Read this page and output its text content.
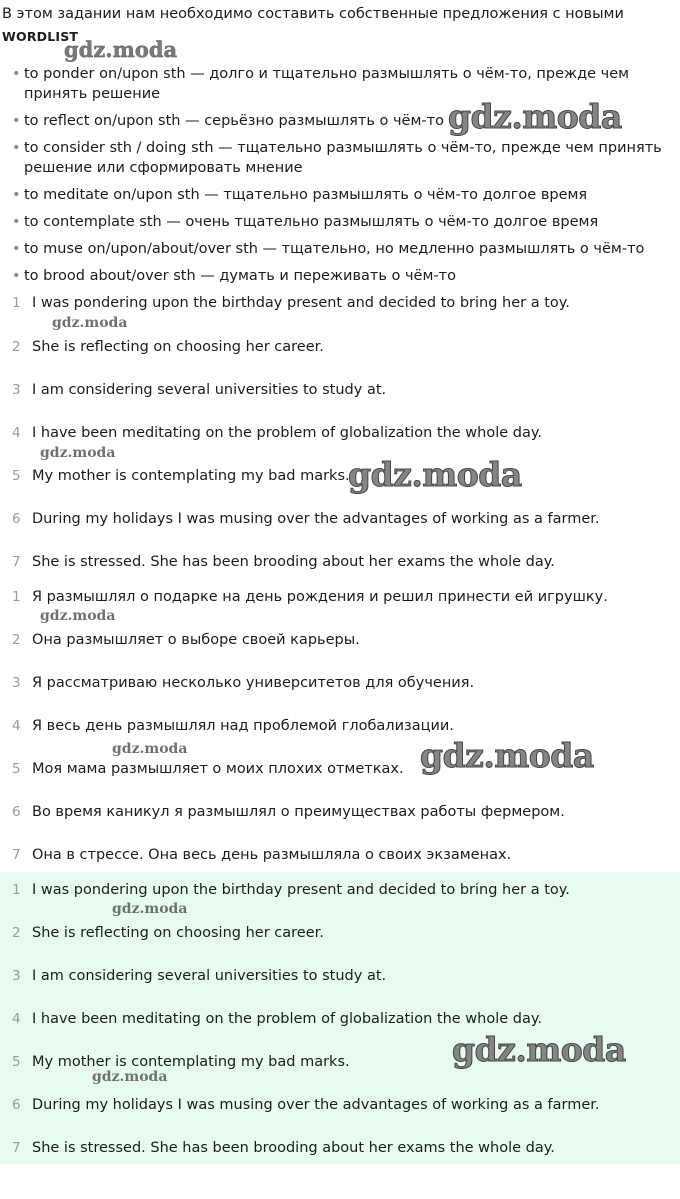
В этом задании нам необходимо составить собственные предложения с новыми
WORDLIST
• to ponder on/upon sth — долго и тщательно размышлять о чём-то, прежде чем принять решение
• to reflect on/upon sth — серьёзно размышлять о чём-то
• to consider sth / doing sth — тщательно размышлять о чём-то, прежде чем принять решение или сформировать мнение
• to meditate on/upon sth — тщательно размышлять о чём-то долгое время
• to contemplate sth — очень тщательно размышлять о чём-то долгое время
• to muse on/upon/about/over sth — тщательно, но медленно размышлять о чём-то
• to brood about/over sth — думать и переживать о чём-то
1 I was pondering upon the birthday present and decided to bring her a toy.
2 She is reflecting on choosing her career.
3 I am considering several universities to study at.
4 I have been meditating on the problem of globalization the whole day.
5 My mother is contemplating my bad marks.
6 During my holidays I was musing over the advantages of working as a farmer.
7 She is stressed. She has been brooding about her exams the whole day.
1 Я размышлял о подарке на день рождения и решил принести ей игрушку.
2 Она размышляет о выборе своей карьеры.
3 Я рассматриваю несколько университетов для обучения.
4 Я весь день размышлял над проблемой глобализации.
5 Моя мама размышляет о моих плохих отметках.
6 Во время каникул я размышлял о преимуществах работы фермером.
7 Она в стрессе. Она весь день размышляла о своих экзаменах.
1 I was pondering upon the birthday present and decided to bring her a toy.
2 She is reflecting on choosing her career.
3 I am considering several universities to study at.
4 I have been meditating on the problem of globalization the whole day.
5 My mother is contemplating my bad marks.
6 During my holidays I was musing over the advantages of working as a farmer.
7 She is stressed. She has been brooding about her exams the whole day.
gdz.moda
gdz.moda
gdz.moda
gdz.moda
gdz.moda
gdz.moda
gdz.moda	gdz.moda
gdz.moda
gdz.moda
gdz.moda
